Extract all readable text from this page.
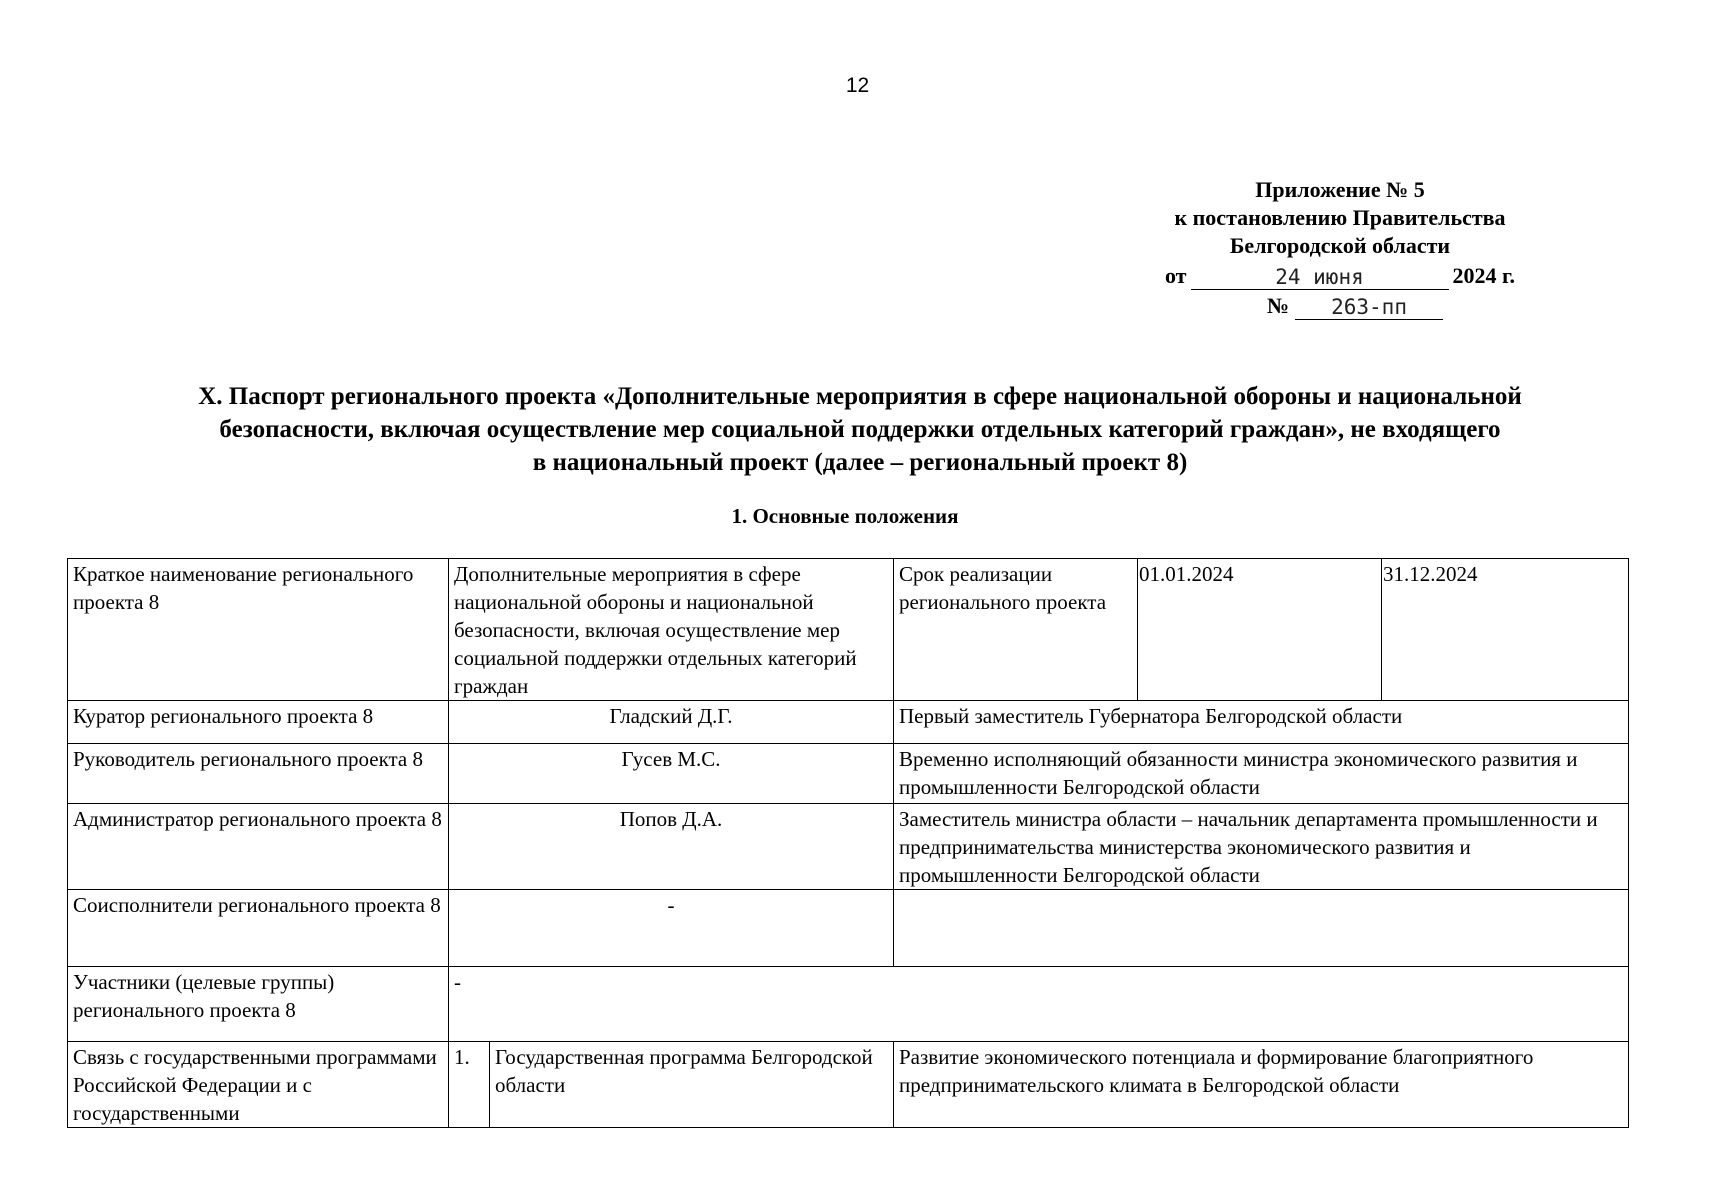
12
Приложение № 5
к постановлению Правительства
Белгородской области
от	24 июня	2024 г.
№	263-пп
X. Паспорт регионального проекта «Дополнительные мероприятия в сфере национальной обороны и национальной
безопасности, включая осуществление мер социальной поддержки отдельных категорий граждан», не входящего
в национальный проект (далее – региональный проект 8)
1. Основные положения
Краткое наименование регионального проекта 8	Дополнительные мероприятия в сфере национальной обороны и национальной безопасности, включая осуществление мер социальной поддержки отдельных категорий граждан		Срок реализации регионального проекта	01.01.2024	31.12.2024
Куратор регионального проекта 8	Гладский Д.Г.		Первый заместитель Губернатора Белгородской области		
Руководитель регионального проекта 8	Гусев М.С.		Временно исполняющий обязанности министра экономического развития и промышленности Белгородской области		
Администратор регионального проекта 8	Попов Д.А.		Заместитель министра области – начальник департамента промышленности и предпринимательства министерства экономического развития и промышленности Белгородской области		
Соисполнители регионального проекта 8	-				
Участники (целевые группы) регионального проекта 8	-				
Связь с государственными программами Российской Федерации и с государственными	1.	Государственная программа Белгородской области	Развитие экономического потенциала и формирование благоприятного предпринимательского климата в Белгородской области		
